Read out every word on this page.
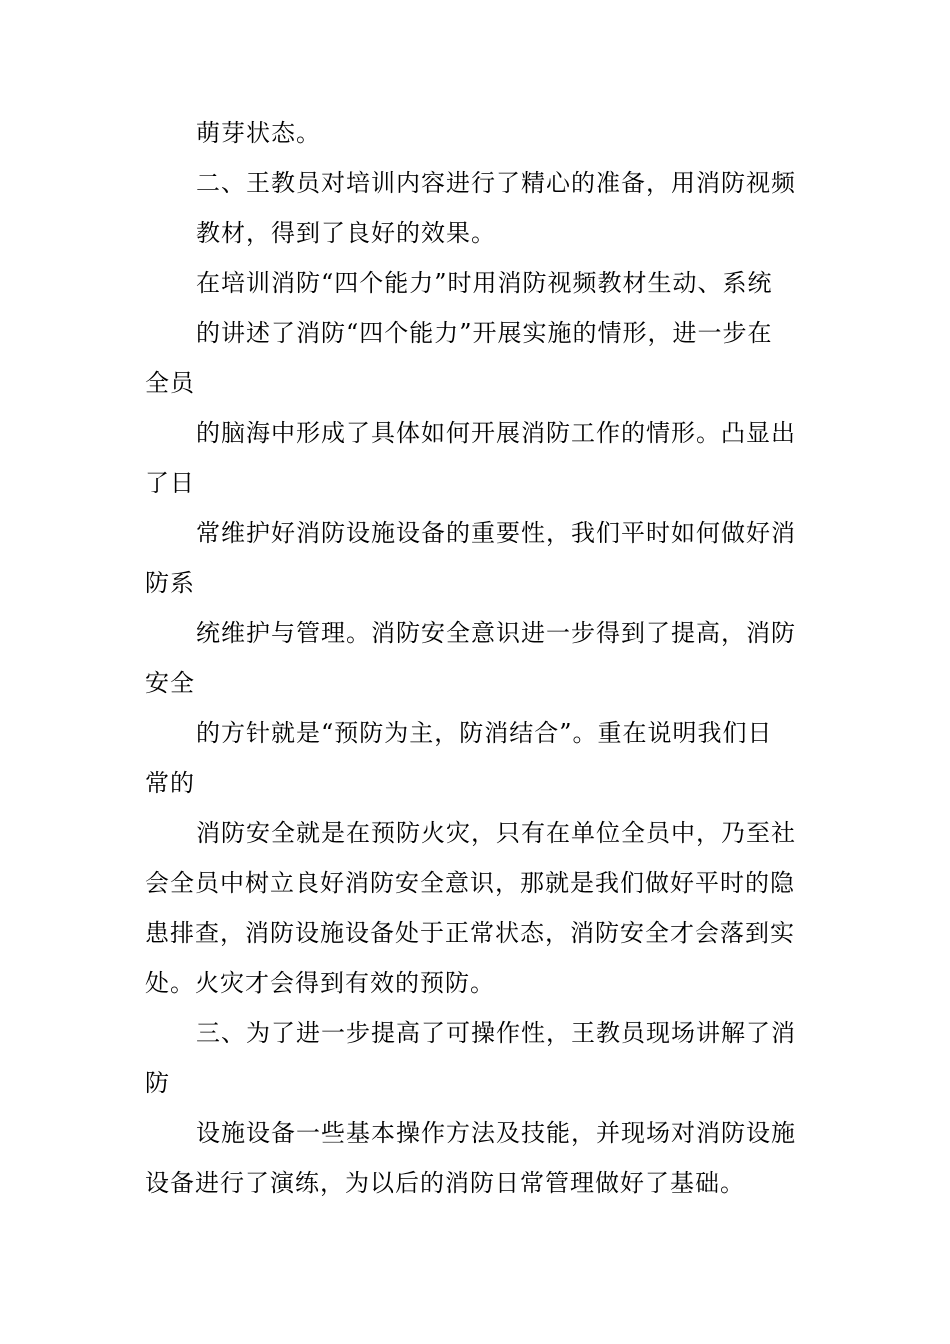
萌芽状态。
二、王教员对培训内容进行了精心的准备，用消防视频
教材，得到了良好的效果。
在培训消防“四个能力”时用消防视频教材生动、系统
的讲述了消防“四个能力”开展实施的情形，进一步在
全员
的脑海中形成了具体如何开展消防工作的情形。凸显出
了日
常维护好消防设施设备的重要性，我们平时如何做好消
防系
统维护与管理。消防安全意识进一步得到了提高，消防
安全
的方针就是“预防为主，防消结合”。重在说明我们日
常的
消防安全就是在预防火灾，只有在单位全员中，乃至社
会全员中树立良好消防安全意识，那就是我们做好平时的隐
患排查，消防设施设备处于正常状态，消防安全才会落到实
处。火灾才会得到有效的预防。
三、为了进一步提高了可操作性，王教员现场讲解了消
防
设施设备一些基本操作方法及技能，并现场对消防设施
设备进行了演练，为以后的消防日常管理做好了基础。
